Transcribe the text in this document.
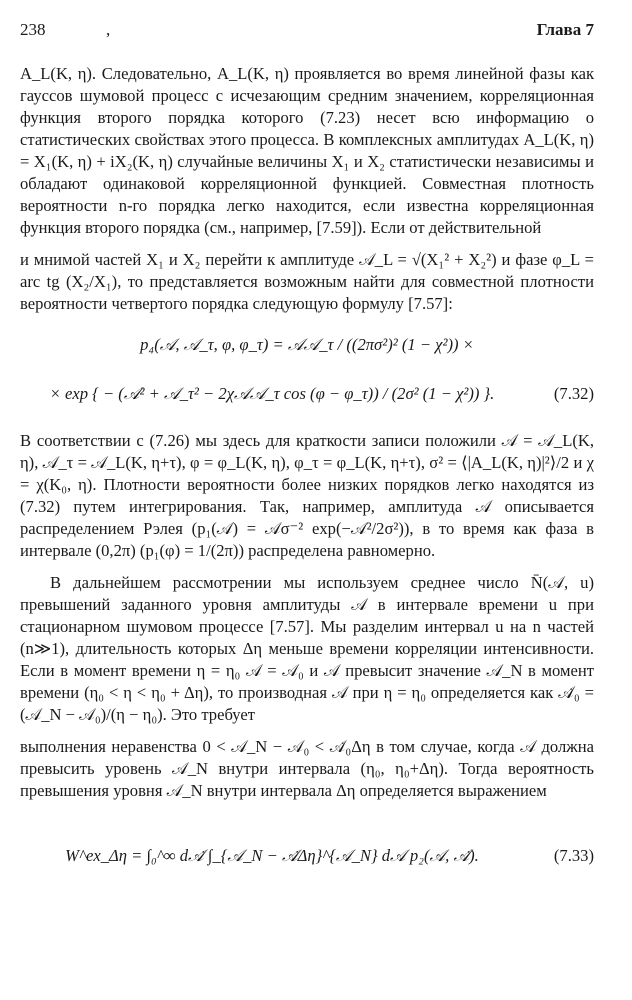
238	,	Глава 7

A_L(K, η). Следовательно, A_L(K, η) проявляется во время линейной фазы как гауссов шумовой процесс с исчезающим средним значением, корреляционная функция второго порядка которого (7.23) несет всю информацию о статистических свойствах этого процесса. В комплексных амплитудах A_L(K, η) = X₁(K, η) + iX₂(K, η) случайные величины X₁ и X₂ статистически независимы и обладают одинаковой корреляционной функцией. Совместная плотность вероятности n-го порядка легко находится, если известна корреляционная функция второго порядка (см., например, [7.59]). Если от действительной

и мнимой частей X₁ и X₂ перейти к амплитуде 𝒜_L = √(X₁² + X₂²) и фазе φ_L = arc tg (X₂/X₁), то представляется возможным найти для совместной плотности вероятности четвертого порядка следующую формулу [7.57]:

p₄(𝒜, 𝒜_τ, φ, φ_τ) = 𝒜𝒜_τ / ((2πσ²)² (1 − χ²)) ×
× exp { − (𝒜² + 𝒜_τ² − 2χ𝒜𝒜_τ cos (φ − φ_τ)) / (2σ² (1 − χ²)) }.	(7.32)

В соответствии с (7.26) мы здесь для краткости записи положили 𝒜 = 𝒜_L(K, η), 𝒜_τ = 𝒜_L(K, η+τ), φ = φ_L(K, η), φ_τ = φ_L(K, η+τ), σ² = ⟨|A_L(K, η)|²⟩/2 и χ = χ(K₀, η). Плотности вероятности более низких порядков легко находятся из (7.32) путем интегрирования. Так, например, амплитуда 𝒜 описывается распределением Рэлея (p₁(𝒜) = 𝒜σ⁻² exp(−𝒜²/2σ²)), в то время как фаза в интервале (0,2π) (p₁(φ) = 1/(2π)) распределена равномерно.

В дальнейшем рассмотрении мы используем среднее число N̄(𝒜, u) превышений заданного уровня амплитуды 𝒜 в интервале времени u при стационарном шумовом процессе [7.57]. Мы разделим интервал u на n частей (n≫1), длительность которых Δη меньше времени корреляции интенсивности. Если в момент времени η = η₀ 𝒜 = 𝒜₀ и 𝒜 превысит значение 𝒜_N в момент времени (η₀ < η < η₀ + Δη), то производная 𝒜 при η = η₀ определяется как 𝒜̇₀ = (𝒜_N − 𝒜₀)/(η − η₀). Это требует

выполнения неравенства 0 < 𝒜_N − 𝒜₀ < 𝒜̇₀Δη в том случае, когда 𝒜 должна превысить уровень 𝒜_N внутри интервала (η₀, η₀+Δη). Тогда вероятность превышения уровня 𝒜_N внутри интервала Δη определяется выражением

W^ex_Δη = ∫₀^∞ d𝒜̇ ∫_{𝒜_N − 𝒜̇Δη}^{𝒜_N} d𝒜 p₂(𝒜, 𝒜̇).	(7.33)
